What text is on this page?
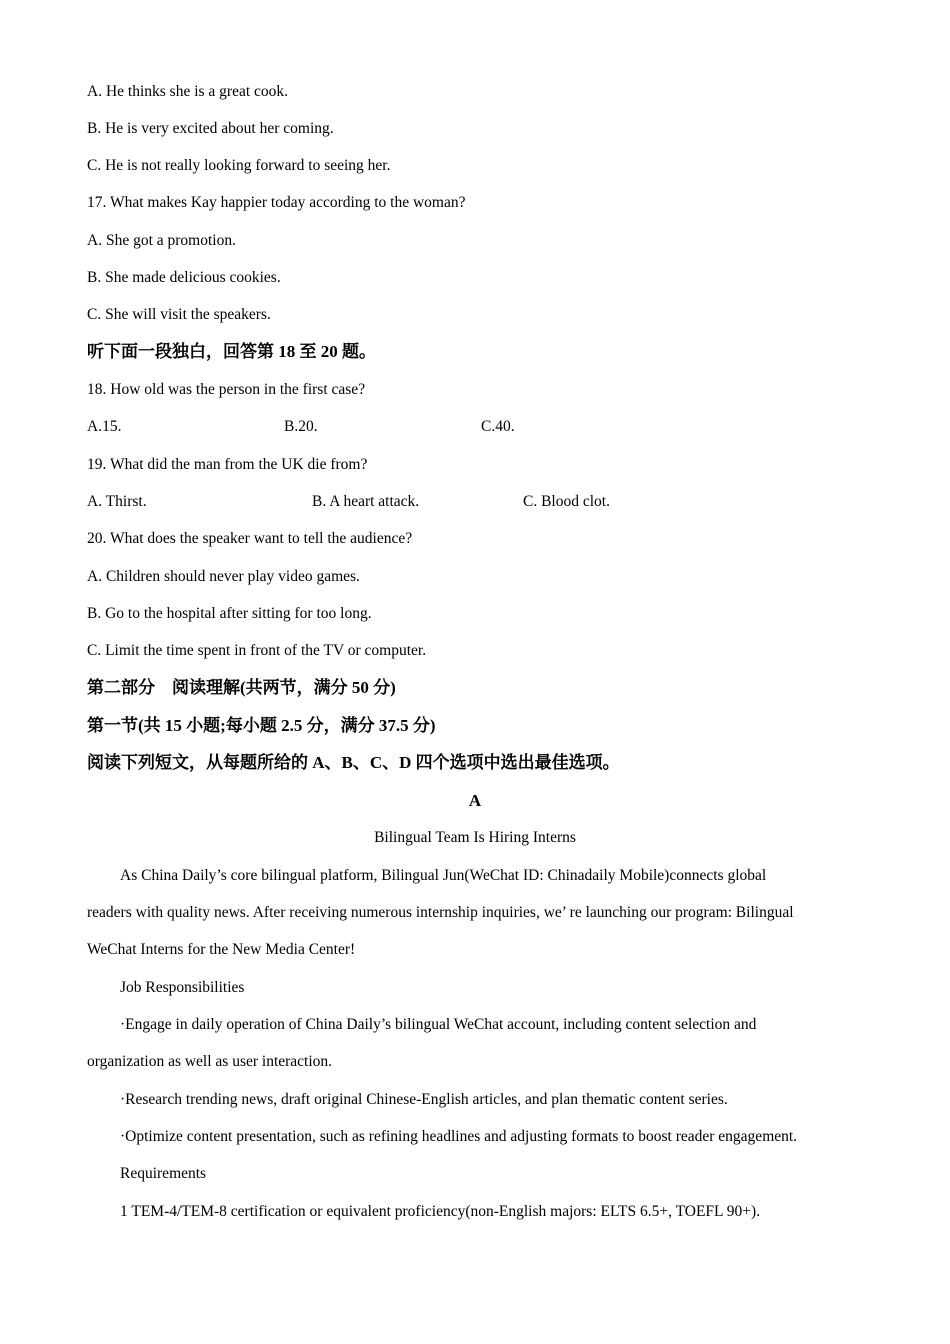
A. He thinks she is a great cook.
B. He is very excited about her coming.
C. He is not really looking forward to seeing her.
17. What makes Kay happier today according to the woman?
A. She got a promotion.
B. She made delicious cookies.
C. She will visit the speakers.
听下面一段独白，回答第 18 至 20 题。
18. How old was the person in the first case?
A.15.	B.20.	C.40.
19. What did the man from the UK die from?
A. Thirst.	B. A heart attack.	C. Blood clot.
20. What does the speaker want to tell the audience?
A. Children should never play video games.
B. Go to the hospital after sitting for too long.
C. Limit the time spent in front of the TV or computer.
第二部分　阅读理解(共两节，满分 50 分)
第一节(共 15 小题;每小题 2.5 分，满分 37.5 分)
阅读下列短文，从每题所给的 A、B、C、D 四个选项中选出最佳选项。
A
Bilingual Team Is Hiring Interns
As China Daily’s core bilingual platform, Bilingual Jun(WeChat ID: Chinadaily Mobile)connects global
readers with quality news. After receiving numerous internship inquiries, we’ re launching our program: Bilingual
WeChat Interns for the New Media Center!
Job Responsibilities
·Engage in daily operation of China Daily’s bilingual WeChat account, including content selection and
organization as well as user interaction.
·Research trending news, draft original Chinese-English articles, and plan thematic content series.
·Optimize content presentation, such as refining headlines and adjusting formats to boost reader engagement.
Requirements
1 TEM-4/TEM-8 certification or equivalent proficiency(non-English majors: ELTS 6.5+, TOEFL 90+).
